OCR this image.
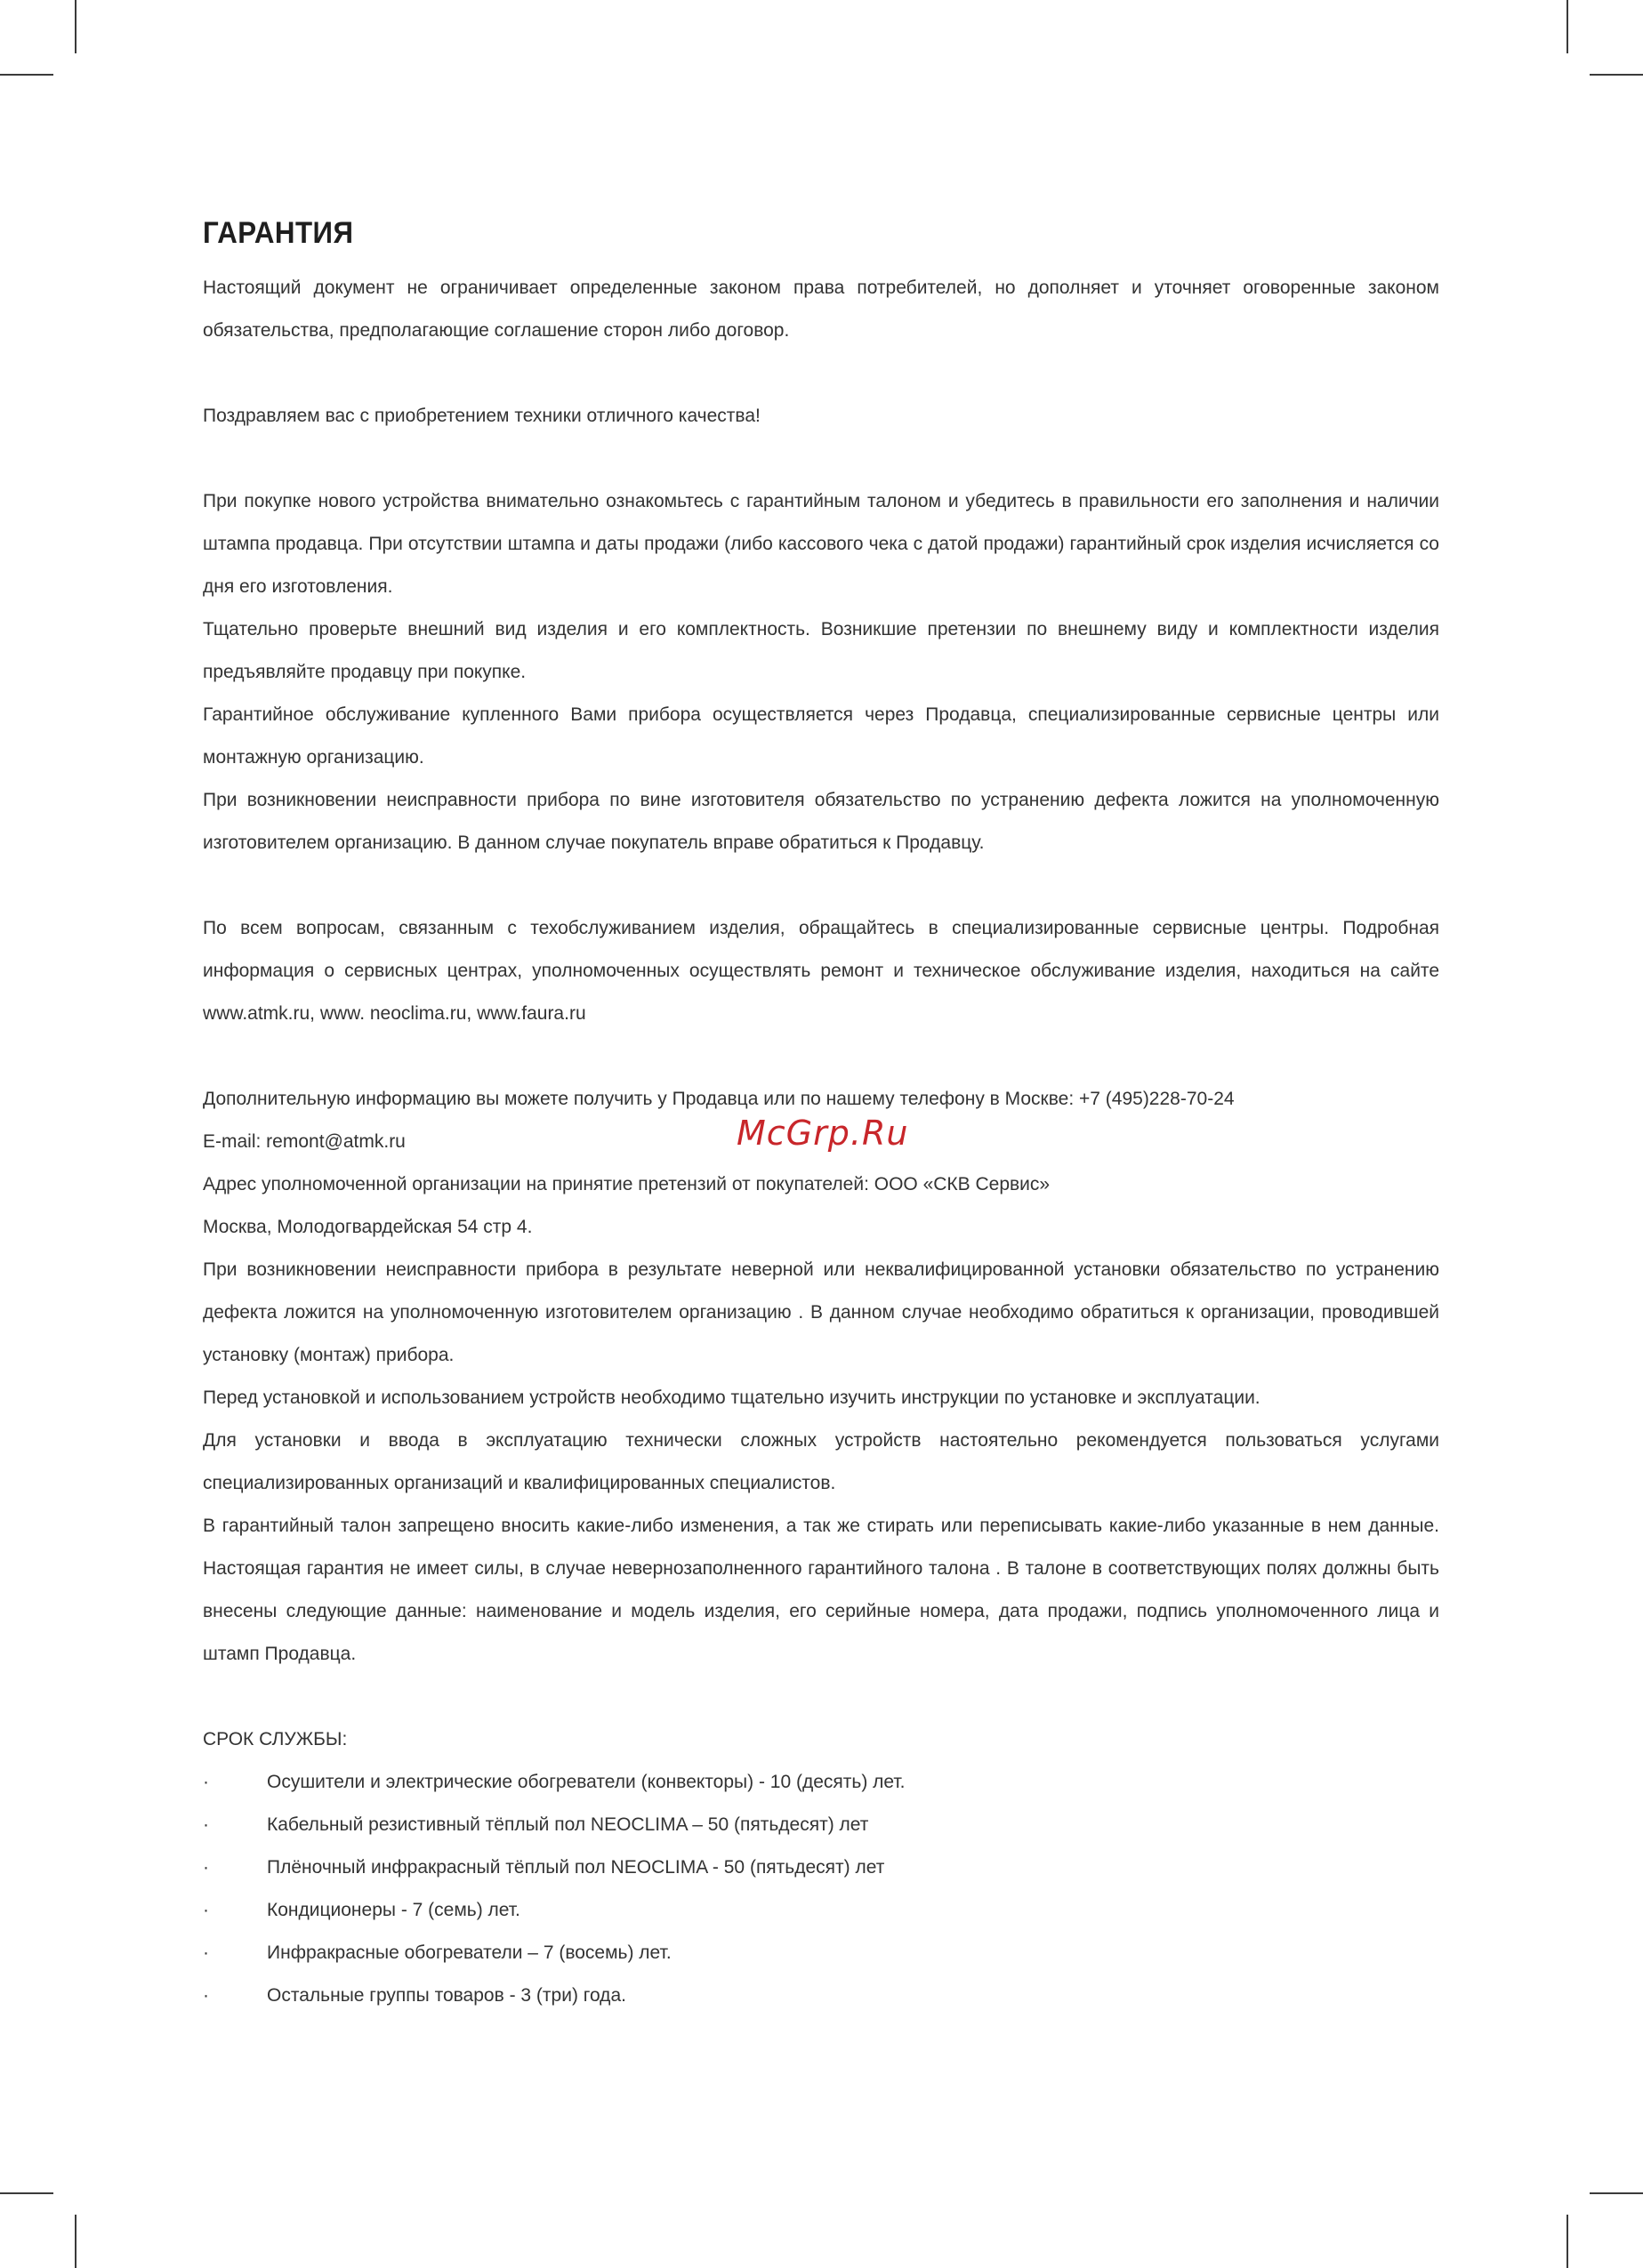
ГАРАНТИЯ

Настоящий документ не ограничивает определенные законом права потребителей, но дополняет и уточняет оговоренные законом обязательства, предполагающие соглашение сторон либо договор.

Поздравляем вас с приобретением техники отличного качества!

При покупке нового устройства внимательно ознакомьтесь с гарантийным талоном и убедитесь в правильности его заполнения и наличии штампа продавца. При отсутствии штампа и даты продажи (либо кассового чека с датой продажи) гарантийный срок изделия исчисляется со дня его изготовления.

Тщательно проверьте внешний вид изделия и его комплектность. Возникшие претензии по внешнему виду и комплектности изделия предъявляйте продавцу при покупке.

Гарантийное обслуживание купленного Вами прибора осуществляется через Продавца, специализированные сервисные центры или монтажную организацию.

При возникновении неисправности прибора по вине изготовителя обязательство по устранению дефекта ложится на уполномоченную изготовителем организацию. В данном случае покупатель вправе обратиться к Продавцу.

По всем вопросам, связанным с техобслуживанием изделия, обращайтесь в специализированные сервисные центры. Подробная информация о сервисных центрах, уполномоченных осуществлять ремонт и техническое обслуживание изделия, находиться на сайте www.atmk.ru, www. neoclima.ru, www.faura.ru

Дополнительную информацию вы можете получить у Продавца или по нашему телефону в Москве: +7 (495)228-70-24

E-mail: remont@atmk.ru

Адрес уполномоченной организации на принятие претензий от покупателей: ООО «СКВ Сервис»

Москва, Молодогвардейская 54 стр 4.

При возникновении неисправности прибора в результате неверной или неквалифицированной установки обязательство по устранению дефекта ложится на уполномоченную изготовителем организацию . В данном случае необходимо обратиться к организации, проводившей установку (монтаж) прибора.

Перед установкой и использованием устройств необходимо тщательно изучить инструкции по установке и эксплуатации.

Для установки и ввода в эксплуатацию технически сложных устройств настоятельно рекомендуется пользоваться услугами специализированных организаций и квалифицированных специалистов.

В гарантийный талон запрещено вносить какие-либо изменения, а так же стирать или переписывать какие-либо указанные в нем данные. Настоящая гарантия не имеет силы, в случае невернозаполненного гарантийного талона . В талоне в соответствующих полях должны быть внесены следующие данные: наименование и модель изделия, его серийные номера, дата продажи, подпись уполномоченного лица и штамп Продавца.

СРОК СЛУЖБЫ:

·	Осушители и электрические обогреватели (конвекторы) - 10 (десять) лет.
·	Кабельный резистивный тёплый пол NEOCLIMA – 50 (пятьдесят) лет
·	Плёночный инфракрасный тёплый пол NEOCLIMA - 50 (пятьдесят) лет
·	Кондиционеры - 7 (семь) лет.
·	Инфракрасные обогреватели – 7 (восемь) лет.
·	Остальные группы товаров - 3 (три) года.
McGrp.Ru
